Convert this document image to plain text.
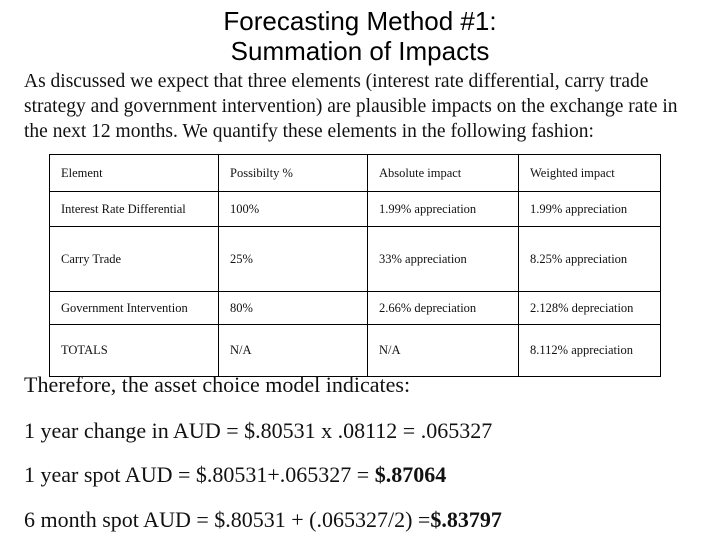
Forecasting Method #1:
Summation of Impacts
As discussed we expect that three elements (interest rate differential, carry trade strategy and government intervention) are plausible impacts on the exchange rate in the next 12 months. We quantify these elements in the following fashion:
Element	Possibilty %	Absolute impact	Weighted impact
Interest Rate Differential	100%	1.99% appreciation	1.99% appreciation
Carry Trade	25%	33% appreciation	8.25% appreciation
Government Intervention	80%	2.66% depreciation	2.128% depreciation
TOTALS	N/A	N/A	8.112% appreciation
Therefore, the asset choice model indicates:
1 year change in AUD = $.80531 x .08112 = .065327
1 year spot AUD = $.80531+.065327 = $.87064
6 month spot AUD = $.80531 + (.065327/2) =$.83797
